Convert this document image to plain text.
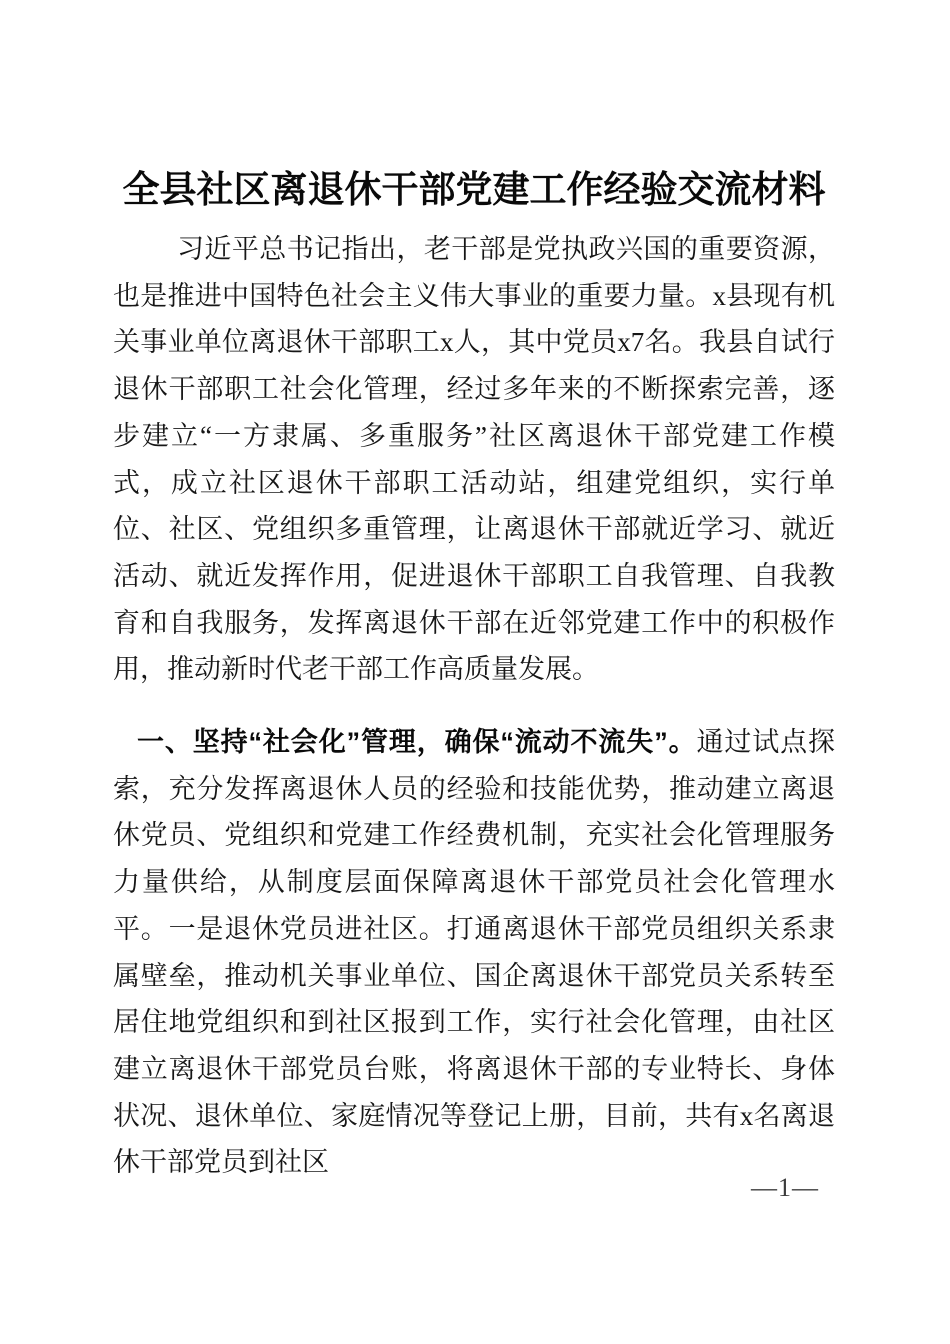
全县社区离退休干部党建工作经验交流材料

习近平总书记指出，老干部是党执政兴国的重要资源，也是推进中国特色社会主义伟大事业的重要力量。x县现有机关事业单位离退休干部职工x人，其中党员x7名。我县自试行退休干部职工社会化管理，经过多年来的不断探索完善，逐步建立“一方隶属、多重服务”社区离退休干部党建工作模式，成立社区退休干部职工活动站，组建党组织，实行单位、社区、党组织多重管理，让离退休干部就近学习、就近活动、就近发挥作用，促进退休干部职工自我管理、自我教育和自我服务，发挥离退休干部在近邻党建工作中的积极作用，推动新时代老干部工作高质量发展。

一、坚持“社会化”管理，确保“流动不流失”。通过试点探索，充分发挥离退休人员的经验和技能优势，推动建立离退休党员、党组织和党建工作经费机制，充实社会化管理服务力量供给，从制度层面保障离退休干部党员社会化管理水平。一是退休党员进社区。打通离退休干部党员组织关系隶属壁垒，推动机关事业单位、国企离退休干部党员关系转至居住地党组织和到社区报到工作，实行社会化管理，由社区建立离退休干部党员台账，将离退休干部的专业特长、身体状况、退休单位、家庭情况等登记上册，目前，共有x名离退休干部党员到社区

—1—
